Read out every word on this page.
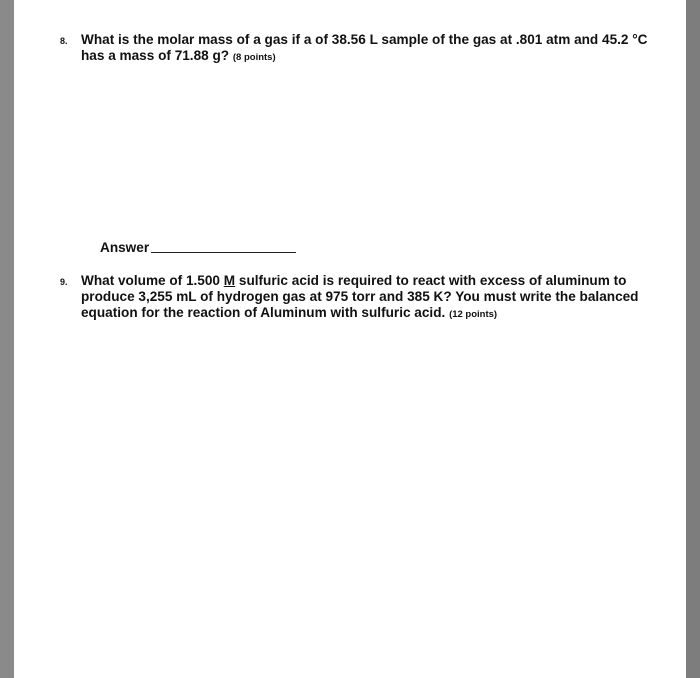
8. What is the molar mass of a gas if a of 38.56 L sample of the gas at .801 atm and 45.2 °C
has a mass of 71.88 g? (8 points)
Answer
9. What volume of 1.500 M sulfuric acid is required to react with excess of aluminum to
produce 3,255 mL of hydrogen gas at 975 torr and 385 K? You must write the balanced
equation for the reaction of Aluminum with sulfuric acid. (12 points)
